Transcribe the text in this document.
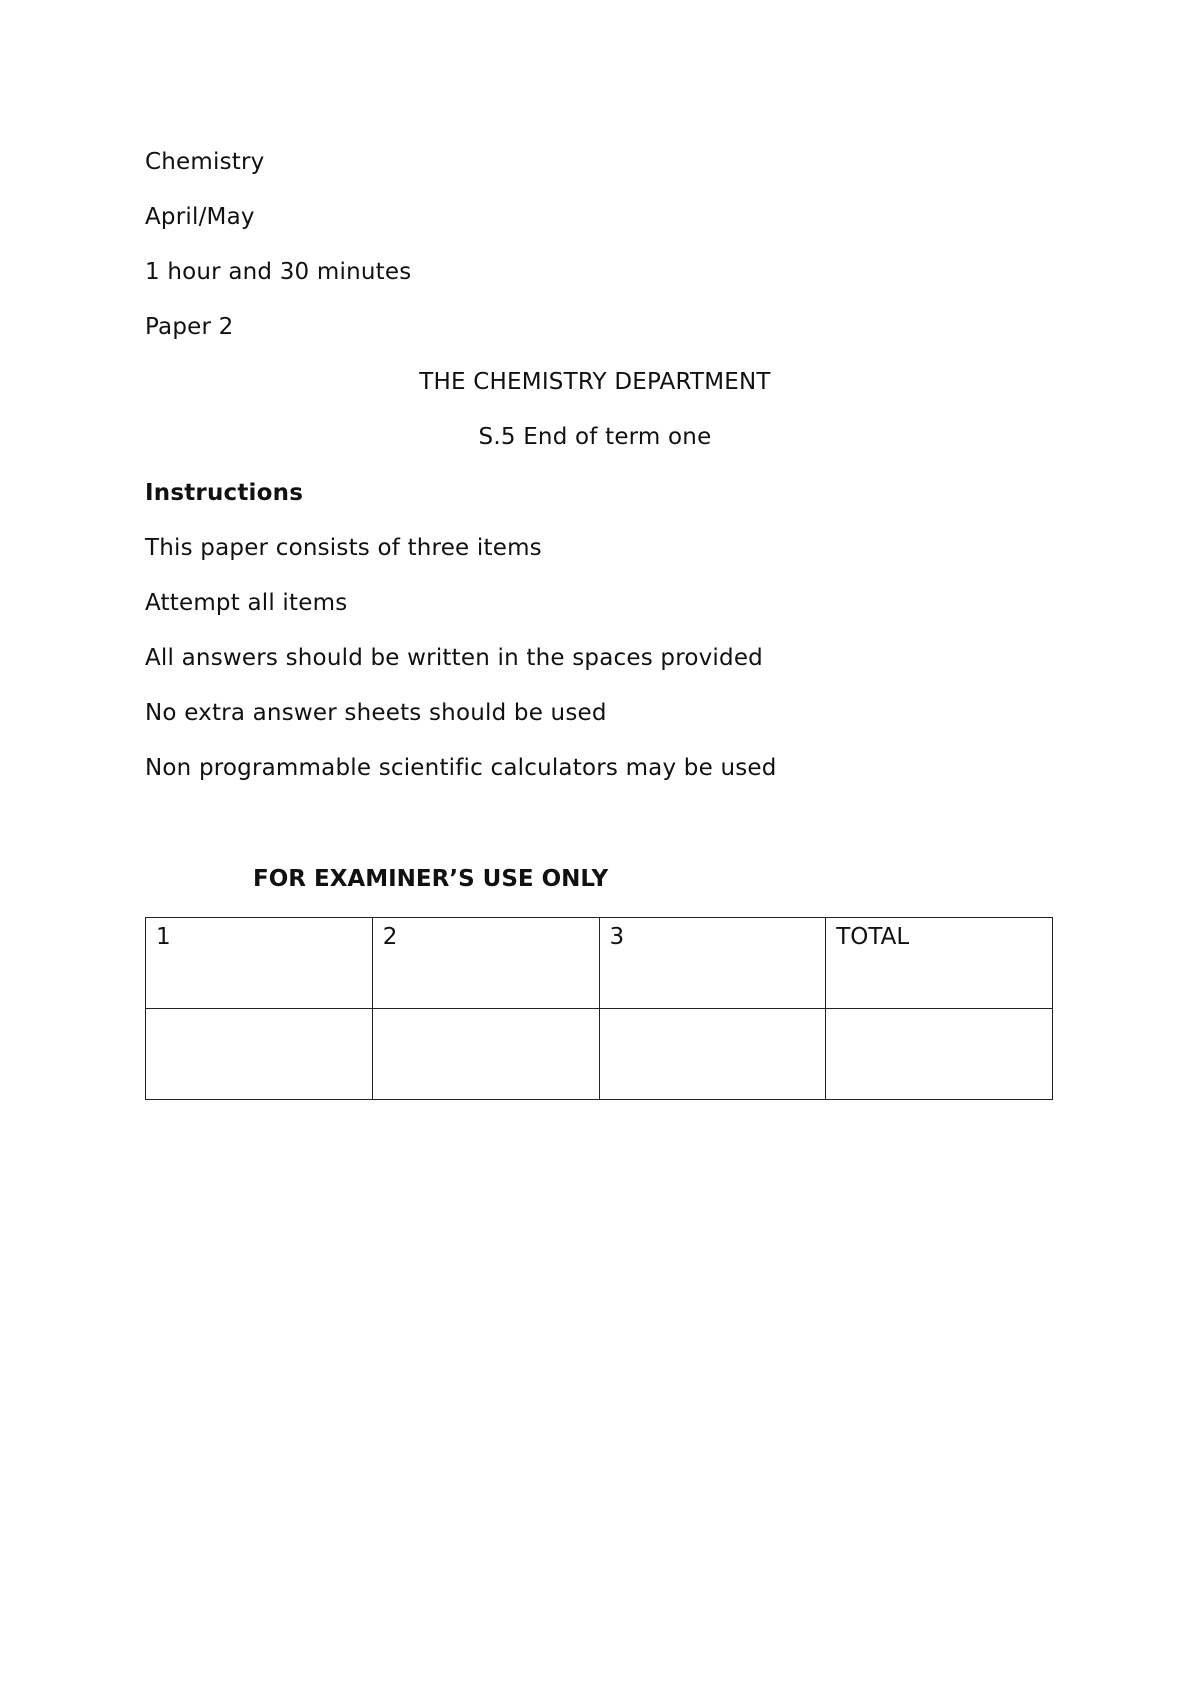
Chemistry
April/May
1 hour and 30 minutes
Paper 2
THE CHEMISTRY DEPARTMENT
S.5 End of term one
Instructions
This paper consists of three items
Attempt all items
All answers should be written in the spaces provided
No extra answer sheets should be used
Non programmable scientific calculators may be used
FOR EXAMINER’S USE ONLY
1	2	3	TOTAL
